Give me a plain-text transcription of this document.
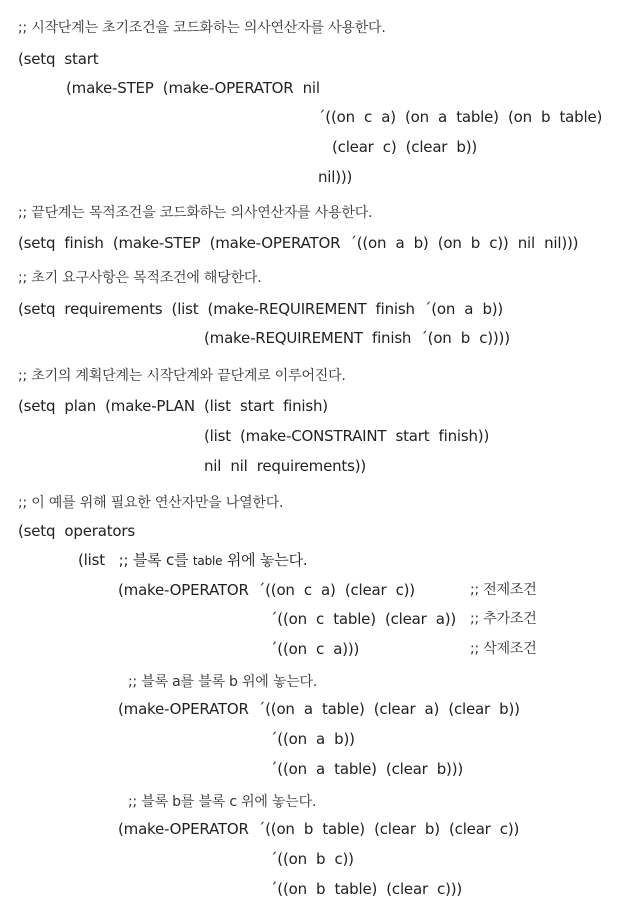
;; 시작단계는 초기조건을 코드화하는 의사연산자를 사용한다.
(setq  start
(make-STEP  (make-OPERATOR  nil
´((on  c  a)  (on  a  table)  (on  b  table)
(clear  c)  (clear  b))
nil)))
;; 끝단계는 목적조건을 코드화하는 의사연산자를 사용한다.
(setq  finish  (make-STEP  (make-OPERATOR  ´((on  a  b)  (on  b  c))  nil  nil)))
;; 초기 요구사항은 목적조건에 해당한다.
(setq  requirements  (list  (make-REQUIREMENT  finish  ´(on  a  b))
(make-REQUIREMENT  finish  ´(on  b  c))))
;; 초기의 계획단계는 시작단계와 끝단계로 이루어진다.
(setq  plan  (make-PLAN  (list  start  finish)
(list  (make-CONSTRAINT  start  finish))
nil  nil  requirements))
;; 이 예를 위해 필요한 연산자만을 나열한다.
(setq  operators
(list   ;; 블록 c를 table 위에 놓는다.
(make-OPERATOR  ´((on  c  a)  (clear  c))	;; 전제조건
´((on  c  table)  (clear  a)) ;; 추가조건
´((on  c  a)))	;; 삭제조건
;; 블록 a를 블록 b 위에 놓는다.
(make-OPERATOR  ´((on  a  table)  (clear  a)  (clear  b))
´((on  a  b))
´((on  a  table)  (clear  b)))
;; 블록 b를 블록 c 위에 놓는다.
(make-OPERATOR  ´((on  b  table)  (clear  b)  (clear  c))
´((on  b  c))
´((on  b  table)  (clear  c)))
